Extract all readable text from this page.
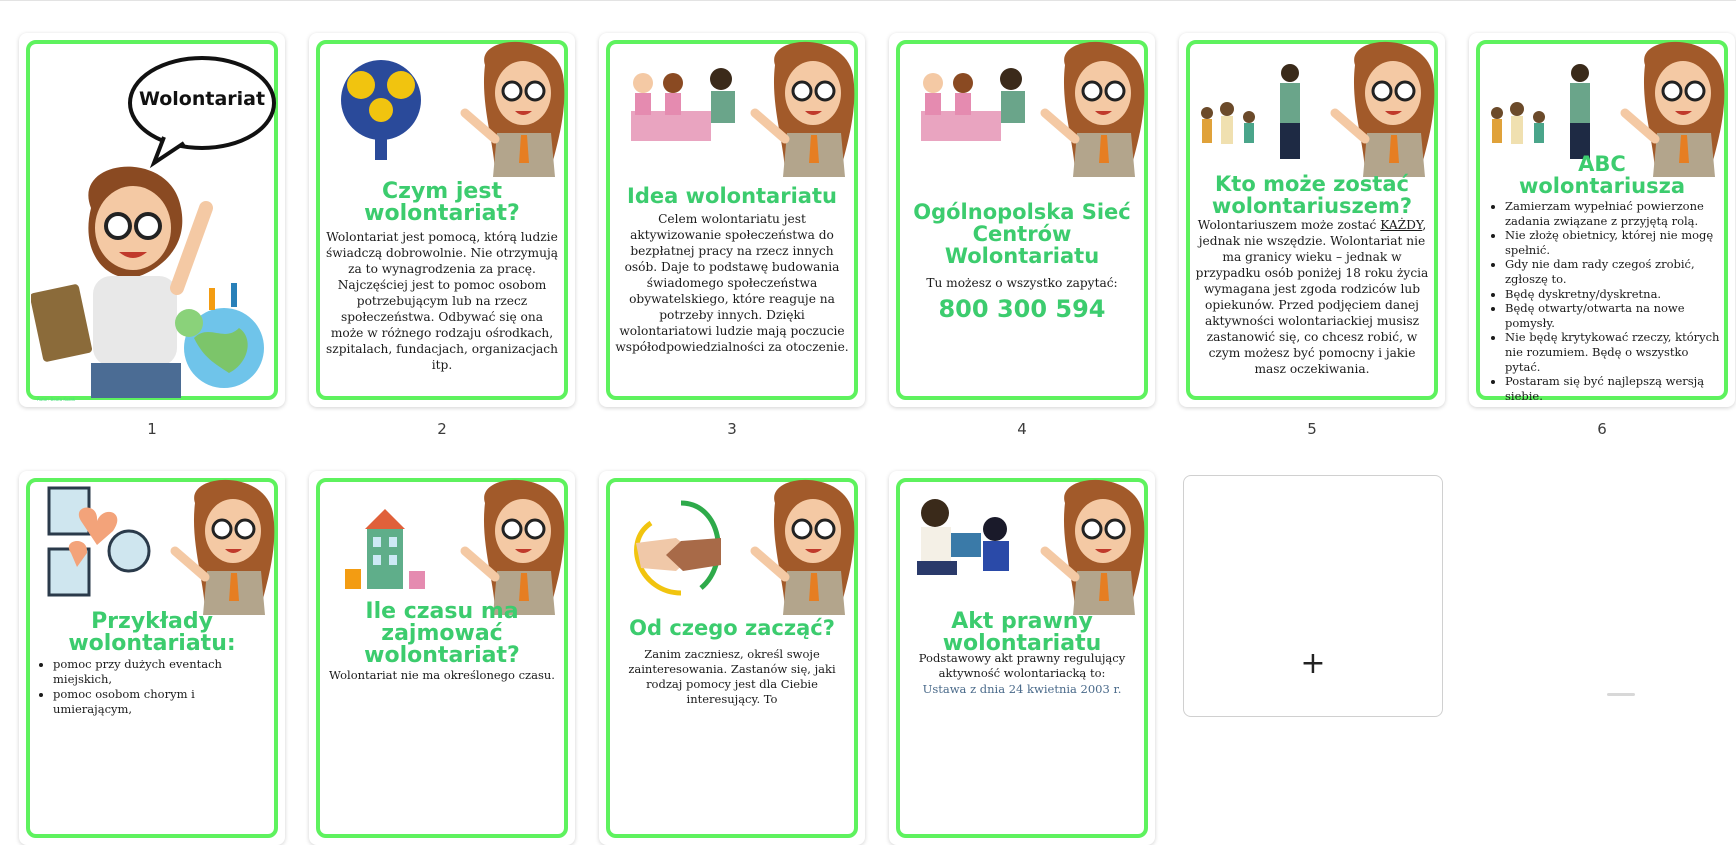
Wolontariat
Autor: Beata Kozak
1
Czym jest wolontariat?
Wolontariat jest pomocą, którą ludzie świadczą dobrowolnie. Nie otrzymują za to wynagrodzenia za pracę. Najczęściej jest to pomoc osobom potrzebującym lub na rzecz społeczeństwa. Odbywać się ona może w różnego rodzaju ośrodkach, szpitalach, fundacjach, organizacjach itp.
2
Idea wolontariatu
Celem wolontariatu jest aktywizowanie społeczeństwa do bezpłatnej pracy na rzecz innych osób. Daje to podstawę budowania świadomego społeczeństwa obywatelskiego, które reaguje na potrzeby innych. Dzięki wolontariatowi ludzie mają poczucie współodpowiedzialności za otoczenie.
3
Ogólnopolska Sieć Centrów Wolontariatu
Tu możesz o wszystko zapytać:
800 300 594
4
Kto może zostać wolontariuszem?
Wolontariuszem może zostać KAŻDY, jednak nie wszędzie. Wolontariat nie ma granicy wieku – jednak w przypadku osób poniżej 18 roku życia wymagana jest zgoda rodziców lub opiekunów. Przed podjęciem danej aktywności wolontariackiej musisz zastanowić się, co chcesz robić, w czym możesz być pomocny i jakie masz oczekiwania.
5
ABC wolontariusza
• Zamierzam wypełniać powierzone zadania związane z przyjętą rolą.
• Nie złożę obietnicy, której nie mogę spełnić.
• Gdy nie dam rady czegoś zrobić, zgłoszę to.
• Będę dyskretny/dyskretna.
• Będę otwarty/otwarta na nowe pomysły.
• Nie będę krytykować rzeczy, których nie rozumiem. Będę o wszystko pytać.
• Postaram się być najlepszą wersją siebie.
6
Przykłady wolontariatu:
• pomoc przy dużych eventach miejskich,
• pomoc osobom chorym i umierającym,
Ile czasu ma zajmować wolontariat?
Wolontariat nie ma określonego czasu.
Od czego zacząć?
Zanim zaczniesz, określ swoje zainteresowania. Zastanów się, jaki rodzaj pomocy jest dla Ciebie interesujący. To
Akt prawny wolontariatu
Podstawowy akt prawny regulujący aktywność wolontariacką to:
Ustawa z dnia 24 kwietnia 2003 r.
+
